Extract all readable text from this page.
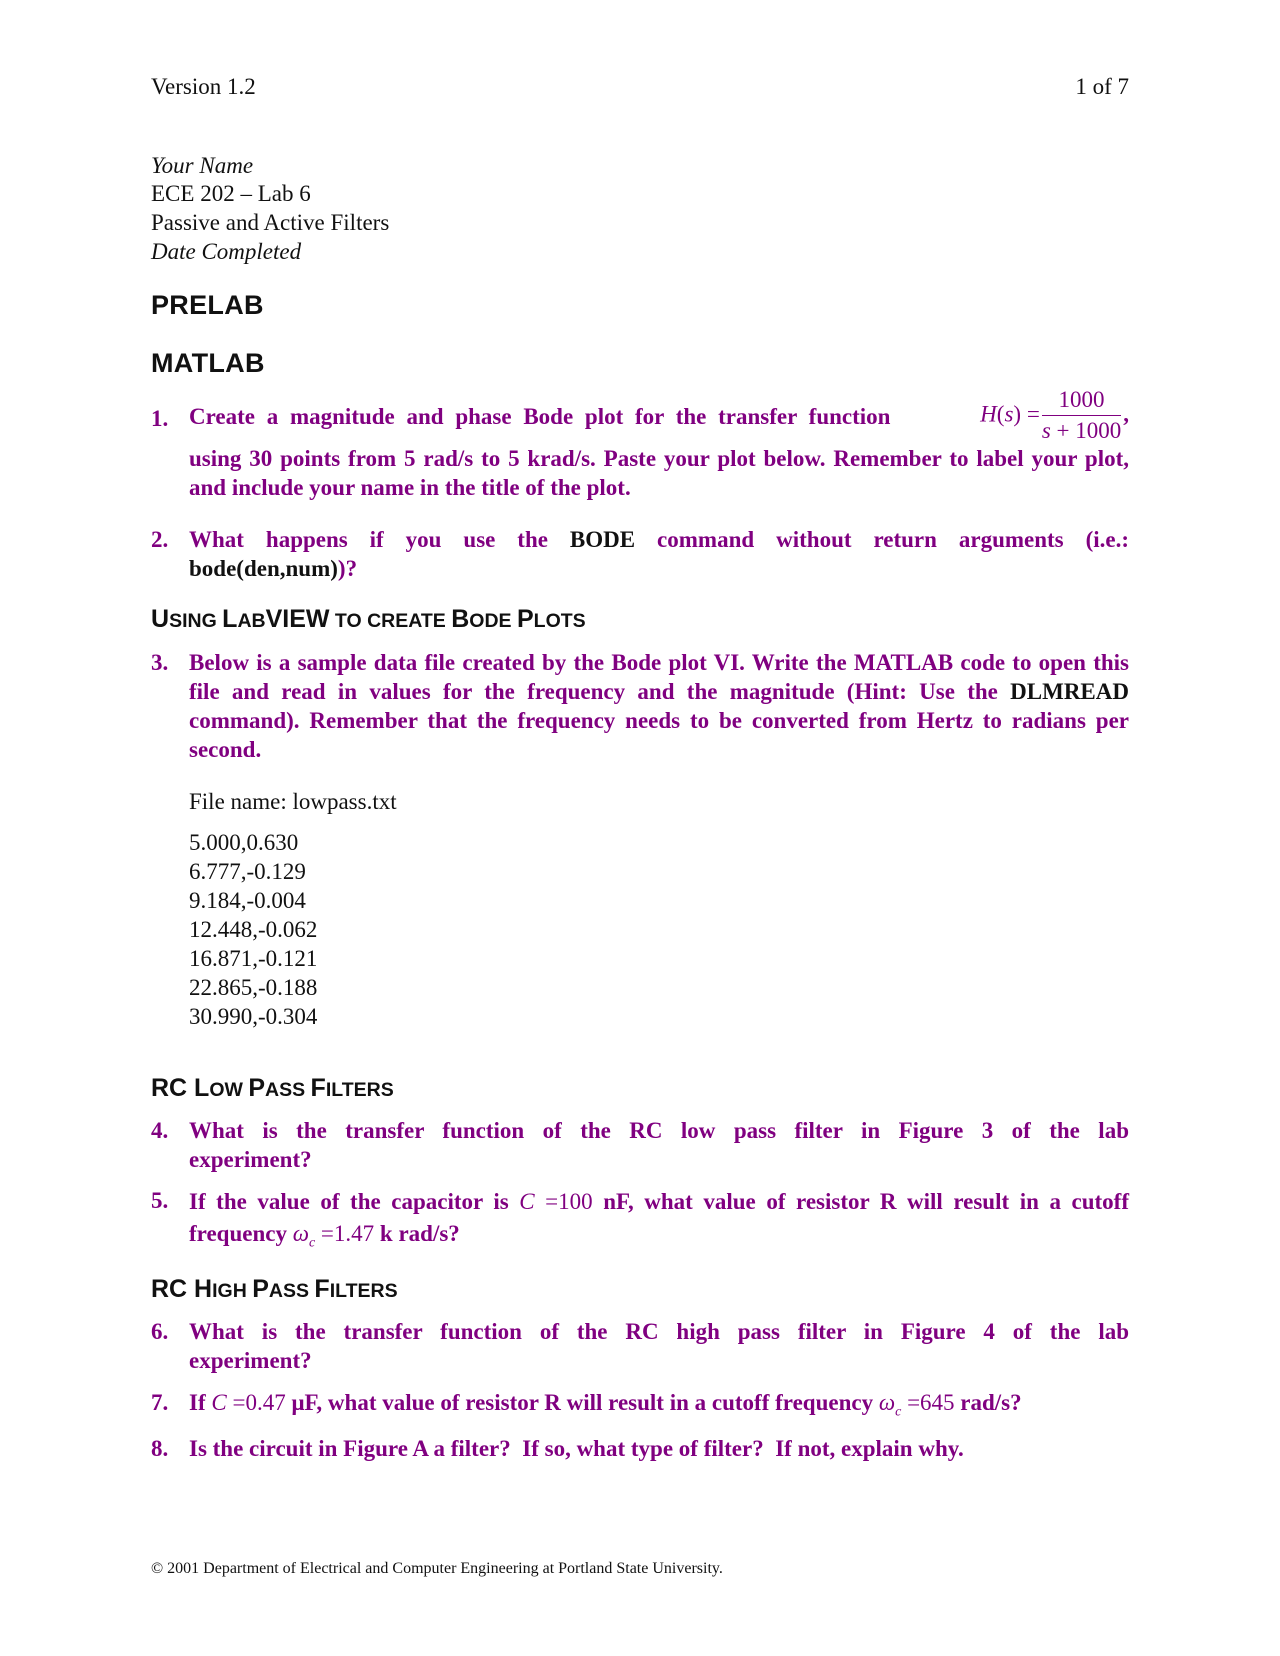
Version 1.2	1 of 7
Your Name
ECE 202 – Lab 6
Passive and Active Filters
Date Completed
PRELAB
MATLAB
1. Create a magnitude and phase Bode plot for the transfer function	$H(s) = \frac{1000}{s + 1000}$ ,
using 30 points from 5 rad/s to 5 krad/s. Paste your plot below. Remember to label your plot, and include your name in the title of the plot.
2. What happens if you use the BODE command without return arguments (i.e.: bode(den,num))?
USING LABVIEW TO CREATE BODE PLOTS
3. Below is a sample data file created by the Bode plot VI. Write the MATLAB code to open this file and read in values for the frequency and the magnitude (Hint: Use the DLMREAD command). Remember that the frequency needs to be converted from Hertz to radians per second.
File name: lowpass.txt
5.000,0.630
6.777,-0.129
9.184,-0.004
12.448,-0.062
16.871,-0.121
22.865,-0.188
30.990,-0.304
RC LOW PASS FILTERS
4. What is the transfer function of the RC low pass filter in Figure 3 of the lab experiment?
5. If the value of the capacitor is C =100 nF, what value of resistor R will result in a cutoff frequency $\omega_c =1.47$ k rad/s?
RC HIGH PASS FILTERS
6. What is the transfer function of the RC high pass filter in Figure 4 of the lab experiment?
7. If C =0.47 μF, what value of resistor R will result in a cutoff frequency $\omega_c =645$ rad/s?
8. Is the circuit in Figure A a filter?  If so, what type of filter?  If not, explain why.
© 2001 Department of Electrical and Computer Engineering at Portland State University.
